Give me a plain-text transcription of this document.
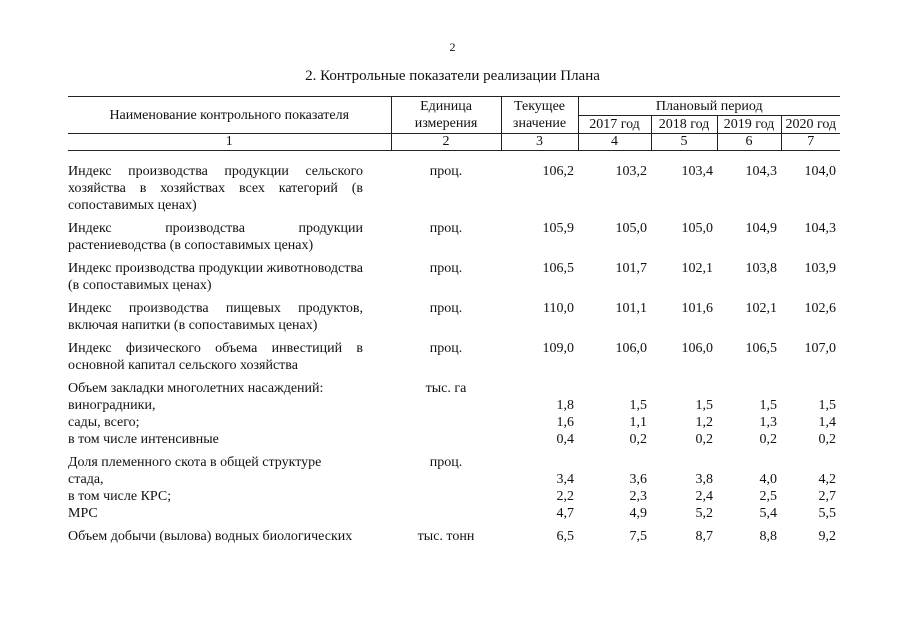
2
2. Контрольные показатели реализации Плана
Наименование контрольного показателя	Единица измерения	Текущее значение	Плановый период			
			2017 год	2018 год	2019 год	2020 год
1	2	3	4	5	6	7

Индекс производства продукции сельского хозяйства в хозяйствах всех категорий (в сопоставимых ценах)	проц.	106,2	103,2	103,4	104,3	104,0
Индекс производства продукции растениеводства (в сопоставимых ценах)	проц.	105,9	105,0	105,0	104,9	104,3
Индекс производства продукции животноводства (в сопоставимых ценах)	проц.	106,5	101,7	102,1	103,8	103,9
Индекс производства пищевых продуктов, включая напитки (в сопоставимых ценах)	проц.	110,0	101,1	101,6	102,1	102,6
Индекс физического объема инвестиций в основной капитал сельского хозяйства	проц.	109,0	106,0	106,0	106,5	107,0
Объем закладки многолетних насаждений:	тыс. га					
виноградники,		1,8	1,5	1,5	1,5	1,5
сады, всего;		1,6	1,1	1,2	1,3	1,4
в том числе интенсивные		0,4	0,2	0,2	0,2	0,2
Доля племенного скота в общей структуре	проц.					
стада,		3,4	3,6	3,8	4,0	4,2
в том числе КРС;		2,2	2,3	2,4	2,5	2,7
МРС		4,7	4,9	5,2	5,4	5,5
Объем добычи (вылова) водных биологических	тыс. тонн	6,5	7,5	8,7	8,8	9,2
